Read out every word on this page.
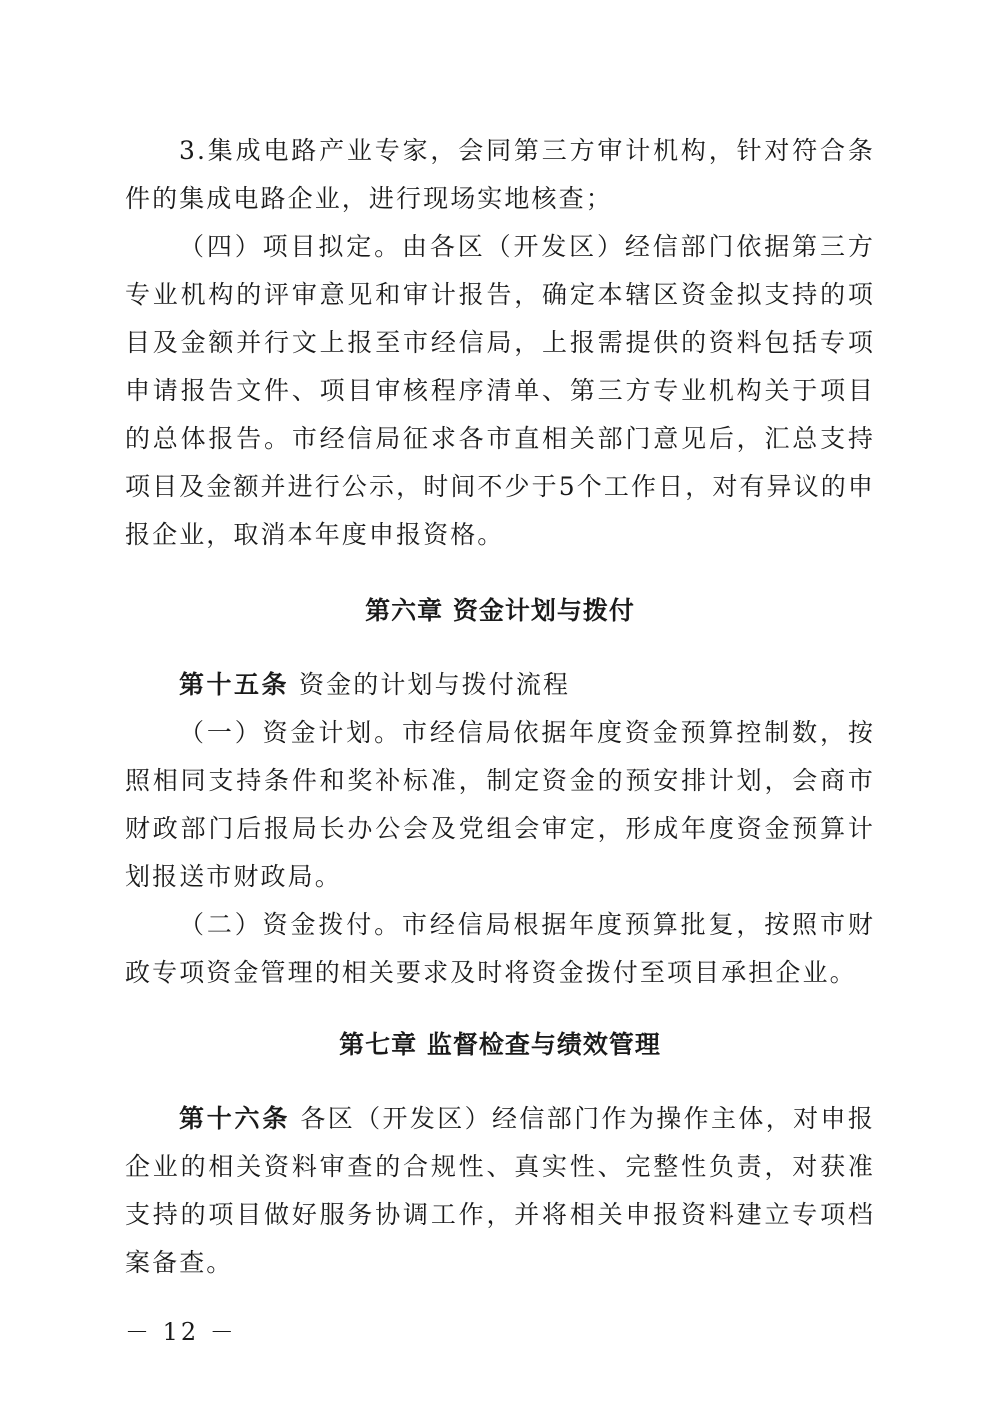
3.集成电路产业专家，会同第三方审计机构，针对符合条件的集成电路企业，进行现场实地核查；

（四）项目拟定。由各区（开发区）经信部门依据第三方专业机构的评审意见和审计报告，确定本辖区资金拟支持的项目及金额并行文上报至市经信局，上报需提供的资料包括专项申请报告文件、项目审核程序清单、第三方专业机构关于项目的总体报告。市经信局征求各市直相关部门意见后，汇总支持项目及金额并进行公示，时间不少于5个工作日，对有异议的申报企业，取消本年度申报资格。

第六章 资金计划与拨付

第十五条 资金的计划与拨付流程

（一）资金计划。市经信局依据年度资金预算控制数，按照相同支持条件和奖补标准，制定资金的预安排计划，会商市财政部门后报局长办公会及党组会审定，形成年度资金预算计划报送市财政局。

（二）资金拨付。市经信局根据年度预算批复，按照市财政专项资金管理的相关要求及时将资金拨付至项目承担企业。

第七章 监督检查与绩效管理

第十六条 各区（开发区）经信部门作为操作主体，对申报企业的相关资料审查的合规性、真实性、完整性负责，对获准支持的项目做好服务协调工作，并将相关申报资料建立专项档案备查。

－ 12 －
